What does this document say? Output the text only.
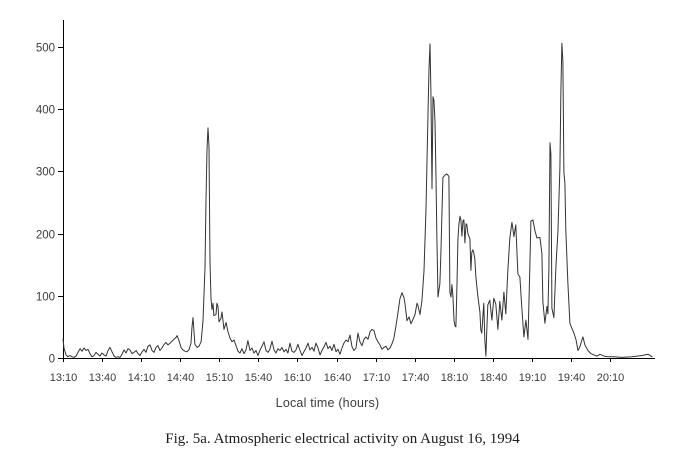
0
100
200
300
400
500
13:10 13:40 14:10 14:40 15:10 15:40 16:10 16:40 17:10 17:40 18:10 18:40 19:10 19:40 20:10
Local time (hours)
Fig. 5a. Atmospheric electrical activity on August 16, 1994
